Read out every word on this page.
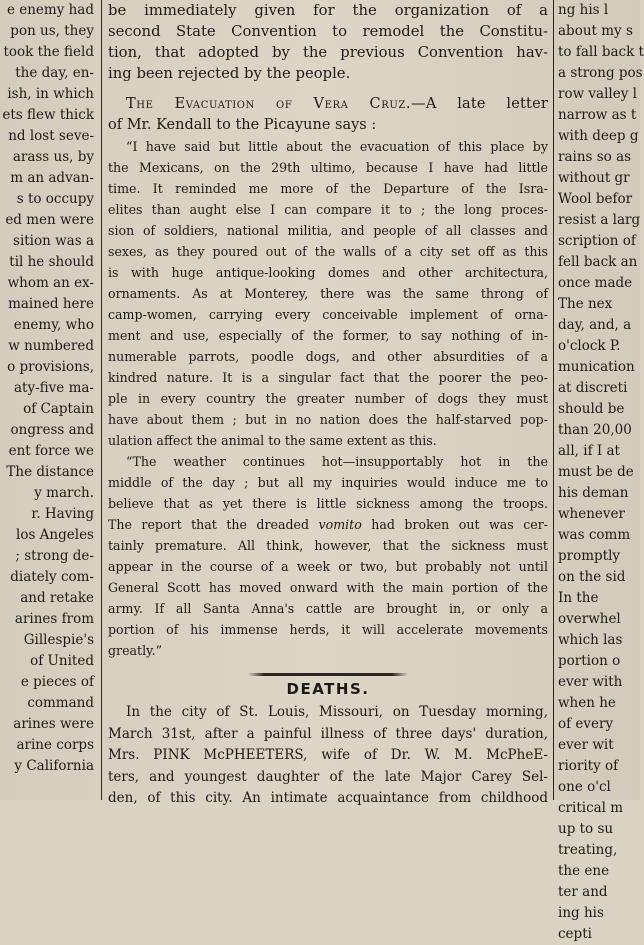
e enemy had
pon us, they
took the field
the day, en-
ish, in which
ets flew thick
nd lost seve-
arass us, by
m an advan-
s to occupy
ed men were
sition was a
til he should
whom an ex-
mained here
enemy, who
w numbered
o provisions,
aty-five ma-
of Captain
ongress and
ent force we
The distance
y march.
r. Having
los Angeles
; strong de-
diately com-
and retake
arines from
Gillespie's
of United
e pieces of
command
arines were
arine corps
y California
be immediately given for the organization of a
second State Convention to remodel the Constitu-
tion, that adopted by the previous Convention hav-
ing been rejected by the people.
The Evacuation of Vera Cruz.—A late letter
of Mr. Kendall to the Picayune says :
“I have said but little about the evacuation of this place by
the Mexicans, on the 29th ultimo, because I have had little
time. It reminded me more of the Departure of the Isra-
elites than aught else I can compare it to ; the long proces-
sion of soldiers, national militia, and people of all classes and
sexes, as they poured out of the walls of a city set off as this
is with huge antique-looking domes and other architectura,
ornaments. As at Monterey, there was the same throng of
camp-women, carrying every conceivable implement of orna-
ment and use, especially of the former, to say nothing of in-
numerable parrots, poodle dogs, and other absurdities of a
kindred nature. It is a singular fact that the poorer the peo-
ple in every country the greater number of dogs they must
have about them ; but in no nation does the half-starved pop-
ulation affect the animal to the same extent as this.
“The weather continues hot—insupportably hot in the
middle of the day ; but all my inquiries would induce me to
believe that as yet there is little sickness among the troops.
The report that the dreaded vomito had broken out was cer-
tainly premature. All think, however, that the sickness must
appear in the course of a week or two, but probably not until
General Scott has moved onward with the main portion of the
army. If all Santa Anna's cattle are brought in, or only a
portion of his immense herds, it will accelerate movements
greatly.”
DEATHS.
In the city of St. Louis, Missouri, on Tuesday morning,
March 31st, after a painful illness of three days' duration,
Mrs. PINK McPHEETERS, wife of Dr. W. M. McPheE-
ters, and youngest daughter of the late Major Carey Sel-
den, of this city. An intimate acquaintance from childhood
ng his l
about my s
to fall back t
a strong pos
row valley l
narrow as t
with deep g
rains so as
without gr
Wool befor
resist a larg
scription of
fell back an
once made
The nex
day, and, a
o'clock P.
munication
at discreti
should be
than 20,00
all, if I at
must be de
his deman
whenever
was comm
promptly
on the sid
In the
overwhel
which las
portion o
ever with
when he
of every
ever wit
riority of
one o'cl
critical m
up to su
treating,
the ene
ter and
ing his
cepti
